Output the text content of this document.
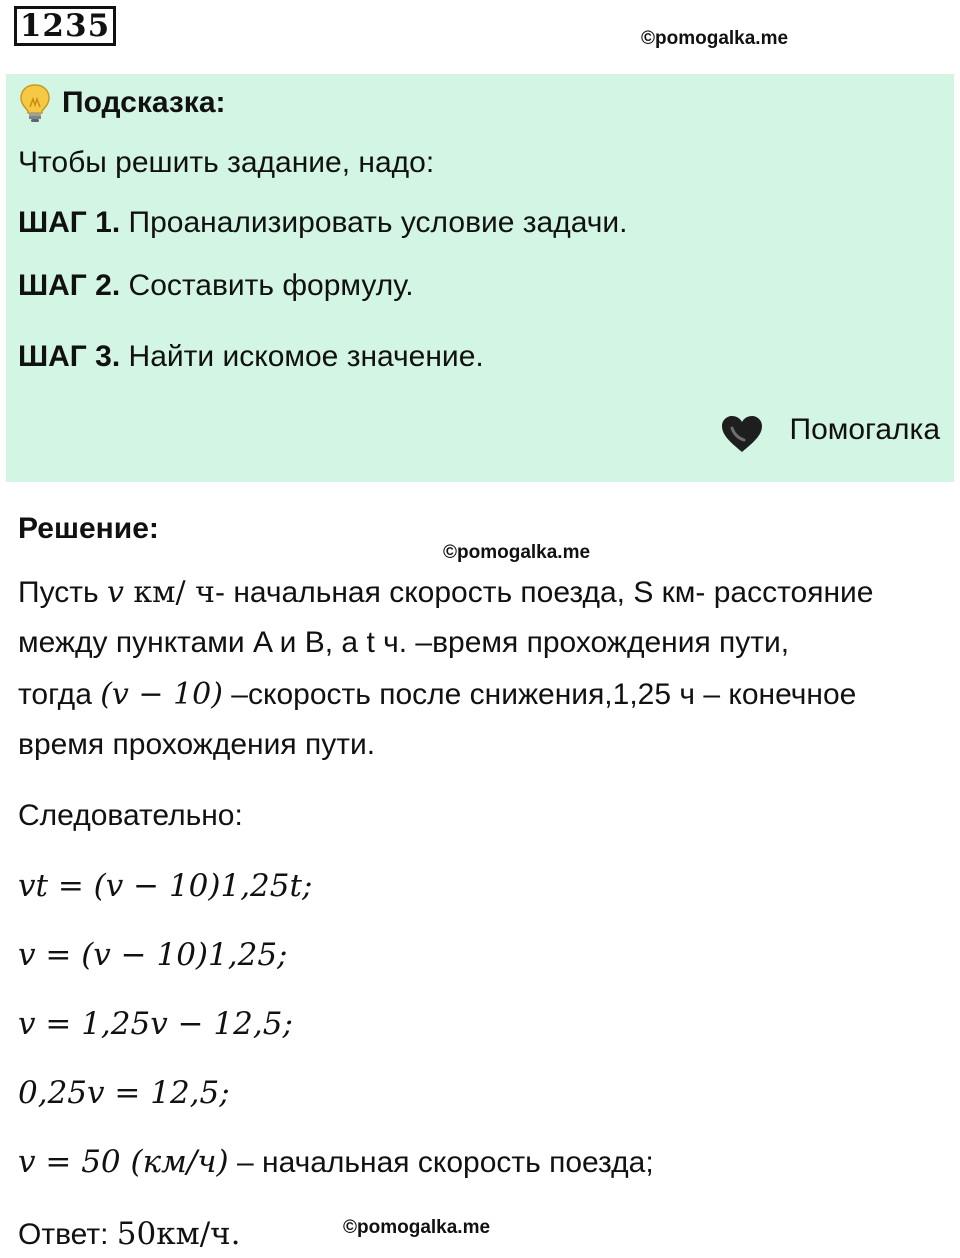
1235	©pomogalka.me
Подсказка:
Чтобы решить задание, надо:
ШАГ 1. Проанализировать условие задачи.
ШАГ 2. Составить формулу.
ШАГ 3. Найти искомое значение.
Помогалка
Решение:
©pomogalka.me
Пусть v км/ ч- начальная скорость поезда, S км- расстояние
между пунктами A и B, a t ч. –время прохождения пути,
тогда (v − 10) –скорость после снижения,1,25 ч – конечное
время прохождения пути.
Следовательно:
vt = (v − 10)1,25t;
v = (v − 10)1,25;
v = 1,25v − 12,5;
0,25v = 12,5;
v = 50 (км/ч) – начальная скорость поезда;
Ответ: 50км/ч.	©pomogalka.me
